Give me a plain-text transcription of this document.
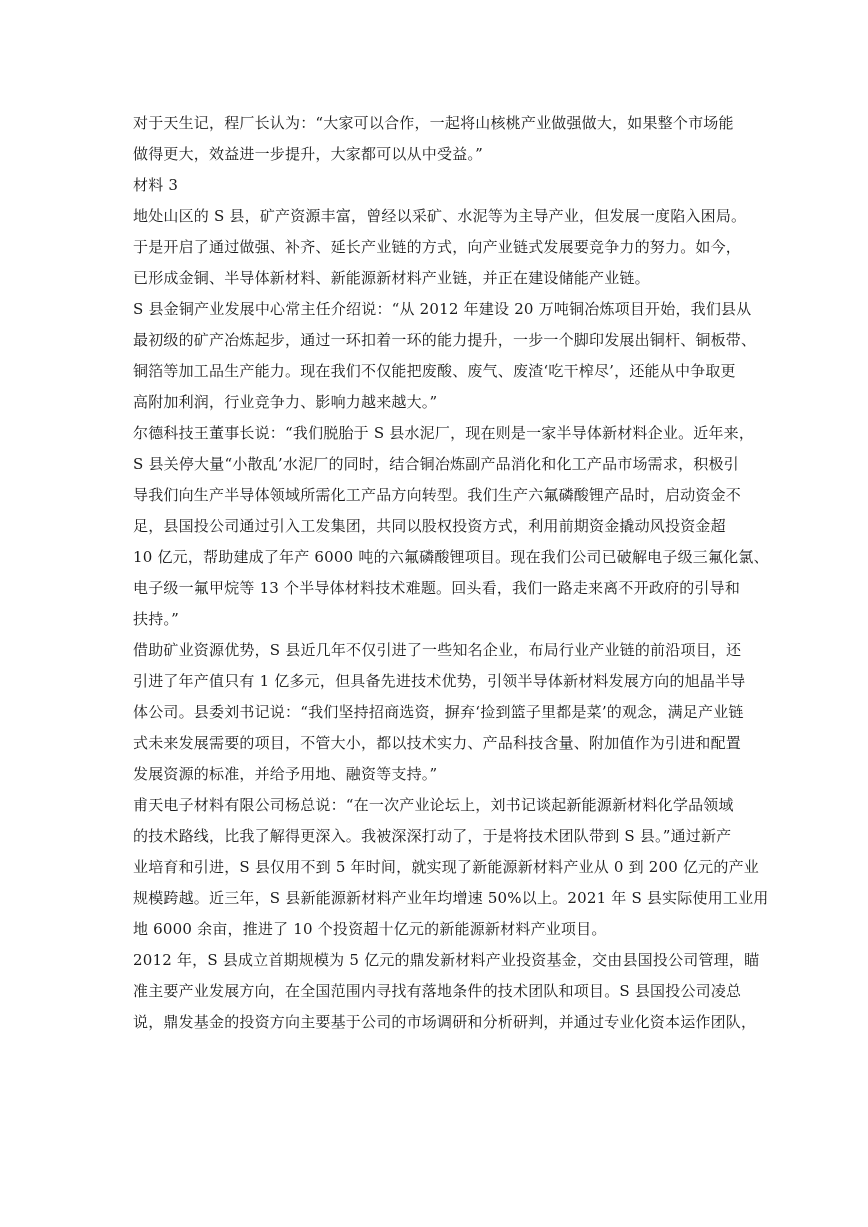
对于天生记，程厂长认为：“大家可以合作，一起将山核桃产业做强做大，如果整个市场能
做得更大，效益进一步提升，大家都可以从中受益。”
材料 3
地处山区的 S 县，矿产资源丰富，曾经以采矿、水泥等为主导产业，但发展一度陷入困局。
于是开启了通过做强、补齐、延长产业链的方式，向产业链式发展要竞争力的努力。如今，
已形成金铜、半导体新材料、新能源新材料产业链，并正在建设储能产业链。
S 县金铜产业发展中心常主任介绍说：“从 2012 年建设 20 万吨铜冶炼项目开始，我们县从
最初级的矿产冶炼起步，通过一环扣着一环的能力提升，一步一个脚印发展出铜杆、铜板带、
铜箔等加工品生产能力。现在我们不仅能把废酸、废气、废渣‘吃干榨尽’，还能从中争取更
高附加利润，行业竞争力、影响力越来越大。”
尔德科技王董事长说：“我们脱胎于 S 县水泥厂，现在则是一家半导体新材料企业。近年来，
S 县关停大量“小散乱’水泥厂的同时，结合铜冶炼副产品消化和化工产品市场需求，积极引
导我们向生产半导体领域所需化工产品方向转型。我们生产六氟磷酸锂产品时，启动资金不
足，县国投公司通过引入工发集团，共同以股权投资方式，利用前期资金撬动风投资金超
10 亿元，帮助建成了年产 6000 吨的六氟磷酸锂项目。现在我们公司已破解电子级三氟化氯、
电子级一氟甲烷等 13 个半导体材料技术难题。回头看，我们一路走来离不开政府的引导和
扶持。”
借助矿业资源优势，S 县近几年不仅引进了一些知名企业，布局行业产业链的前沿项目，还
引进了年产值只有 1 亿多元，但具备先进技术优势，引领半导体新材料发展方向的旭晶半导
体公司。县委刘书记说：“我们坚持招商选资，摒弃‘捡到篮子里都是菜’的观念，满足产业链
式未来发展需要的项目，不管大小，都以技术实力、产品科技含量、附加值作为引进和配置
发展资源的标准，并给予用地、融资等支持。”
甫天电子材料有限公司杨总说：“在一次产业论坛上，刘书记谈起新能源新材料化学品领域
的技术路线，比我了解得更深入。我被深深打动了，于是将技术团队带到 S 县。”通过新产
业培育和引进，S 县仅用不到 5 年时间，就实现了新能源新材料产业从 0 到 200 亿元的产业
规模跨越。近三年，S 县新能源新材料产业年均增速 50%以上。2021 年 S 县实际使用工业用
地 6000 余亩，推进了 10 个投资超十亿元的新能源新材料产业项目。
2012 年，S 县成立首期规模为 5 亿元的鼎发新材料产业投资基金，交由县国投公司管理，瞄
准主要产业发展方向，在全国范围内寻找有落地条件的技术团队和项目。S 县国投公司凌总
说，鼎发基金的投资方向主要基于公司的市场调研和分析研判，并通过专业化资本运作团队，
